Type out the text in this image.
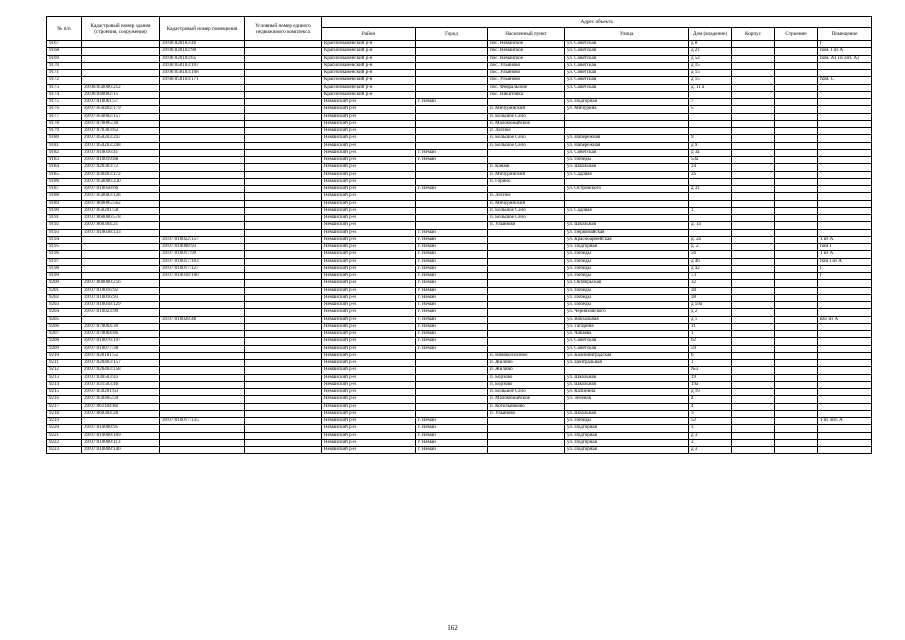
№ п/п	Кадастровый номер здания (строения, сооружения)	Кадастровый номер помещения	Условный номер единого недвижимого комплекса	Адрес объекта							
				Район	Город	Населенный пункт	Улица	Дом (владение)	Корпус	Строение	Помещение
9167		39:06:020103:46		Краснознаменский р-н		пос. Неманское	ул. Советская	д 8			I
9168		39:06:020102:90		Краснознаменский р-н		пос. Неманское	ул. Советская	д 21			пом. I из А
9169		39:06:020103:65		Краснознаменский р-н		пос. Неманское	ул. Советская	д 52			пом. А1 из лит. А)
9170		39:06:050103:107		Краснознаменский р-н		пос. Ульяново	ул. Советская	д 15			
9171		39:06:050103:108		Краснознаменский р-н		пос. Ульяново	ул. Советская	д 15			
9172		39:06:050103:171		Краснознаменский р-н		пос. Ульяново	ул. Советская	д 15			пом. С
9173	39:06:050006:212			Краснознаменский р-н		пос. Февральское	ул. Советская	д. 11 а			
9174	39:06:040002:15			Краснознаменский р-н		пос. Никитовка					
9175	39:07:010061:57			Неманский р-н	г. Неман		ул. Подгорная	7			
9176	39:07:050402:179			Неманский р-н		п. Мичуринский	ул. Мичурина	5			
9177	39:07:050002:157			Неманский р-н		п. Большое Село					
9178	39:07:070005:30			Неманский р-н		п. Маломожайское					
9179	39:07:070303:62			Неманский р-н		п. Лесное					
9180	39:07:050203:247			Неманский р-н		п. Большое Село	ул. Набережная	9			
9181	39:07:050203:248			Неманский р-н		п. Большое Село	ул. Набережная	д 9			
9182	39:07:010016:41			Неманский р-н	г. Неман		ул. Советская	д 3а			
9183	39:07:010019:88			Неманский р-н	г. Неман		ул. Победы	53а			
9184	39:07:020303:72			Неманский р-н		п. Канаш	ул. Школьная	24			
9185	39:07:030403:172			Неманский р-н		п. Мичуринский	ул. Садовая	2а			
9186	39:07:050006:230			Неманский р-н		п. Горино					
9187	39:07:010058:66			Неманский р-н	г. Неман		ул. Островского	д 31			
9188	39:07:050003:128			Неманский р-н		п. Лесное					
9189	39:07:060005:562			Неманский р-н		п. Мичуринский					
9190	39:07:050201:58			Неманский р-н		п. Большое Село	ул. Садовая	1			
9191	39:07:060006:578			Неманский р-н		п. Большое Село					
9192	39:07:060304:21			Неманский р-н		п. Ульяново	ул. Школьная	д. 1а			
9193	39:07:010038:133			Неманский р-н	г. Неман		ул. Первомайская				
9194		39:07:010022:157		Неманский р-н	г. Неман		ул. Красноармейская	д. 2а			1 из А
9195		39:07:010008:93		Неманский р-н	г. Неман		ул. Подгорная	д. 2			пом I
9196		39:07:010017:99		Неманский р-н	г. Неман		ул. Победы	56			1 из А
9197		39:07:010017:103		Неманский р-н	г. Неман		ул. Победы	д 46			пом I из А
9198		39:07:010017:127		Неманский р-н	г. Неман		ул. Победы	д 42			I
9199		39:07:010018:100		Неманский р-н	г. Неман		ул. Победы	73			I
9200	39:07:000000:256			Неманский р-н	г. Неман		ул. Октябрьская	32			
9201	39:07:010016:92			Неманский р-н	г. Неман		ул. Победы	38			
9202	39:07:010016:93			Неманский р-н	г. Неман		ул. Победы	38			
9203	39:07:010018:129			Неманский р-н	г. Неман		ул. Победы	д 59а			
9204	39:07:010023:90			Неманский р-н	г. Неман		ул. Черняховского	д 2			
9205		39:07:010028:48		Неманский р-н	г. Неман		ул. Вокзальная	д 1			кв1 из А
9206	39:07:070064:30			Неманский р-н	г. Неман		ул. Гагарина	11			
9207	39:07:070064:86			Неманский р-н	г. Неман		ул. Чапаева	1			
9208	39:07:010076:197			Неманский р-н	г. Неман		ул. Советская	62			
9209	39:07:010077:38			Неманский р-н	г. Неман		ул. Советская	59			
9210	39:07:020101:52			Неманский р-н		п. Новоколхозное	ул. Калининградская	6			
9211	39:07:020403:157			Неманский р-н		п. Жилино	ул. Центральная	1			
9212	39:07:020403:158			Неманский р-н		п. Жилино		№3			
9213	39:07:030503:43			Неманский р-н		п. Борзово	ул. Школьная	19			
9214	39:07:031503:46			Неманский р-н		п. Борзово	ул. Школьная	19а			
9215	39:07:050201:63			Неманский р-н		п. Большое Село	ул. Калинина	д 19			
9216	39:07:050405:59			Неманский р-н		п. Маломожайское	ул. Зеленая	4			
9217	39:07:061104:88			Неманский р-н		п. Котельниково		4			
9218	39:07:060304:28			Неманский р-н		п. Ульяново	ул. Школьная	3			
9219		39:07:010017:135		Неманский р-н	г. Неман		ул. Победы	52			1 из лит. А
9220	39:07:010008:95			Неманский р-н	г. Неман		ул. Подгорная	3			
9221	39:07:010008:109			Неманский р-н	г. Неман		ул. Подгорная	д 3			
9222	39:07:010008:113			Неманский р-н	г. Неман		ул. Подгорная	3			
9223	39:07:010008:140			Неманский р-н	г. Неман		ул. Подгорная	д 3			
162
